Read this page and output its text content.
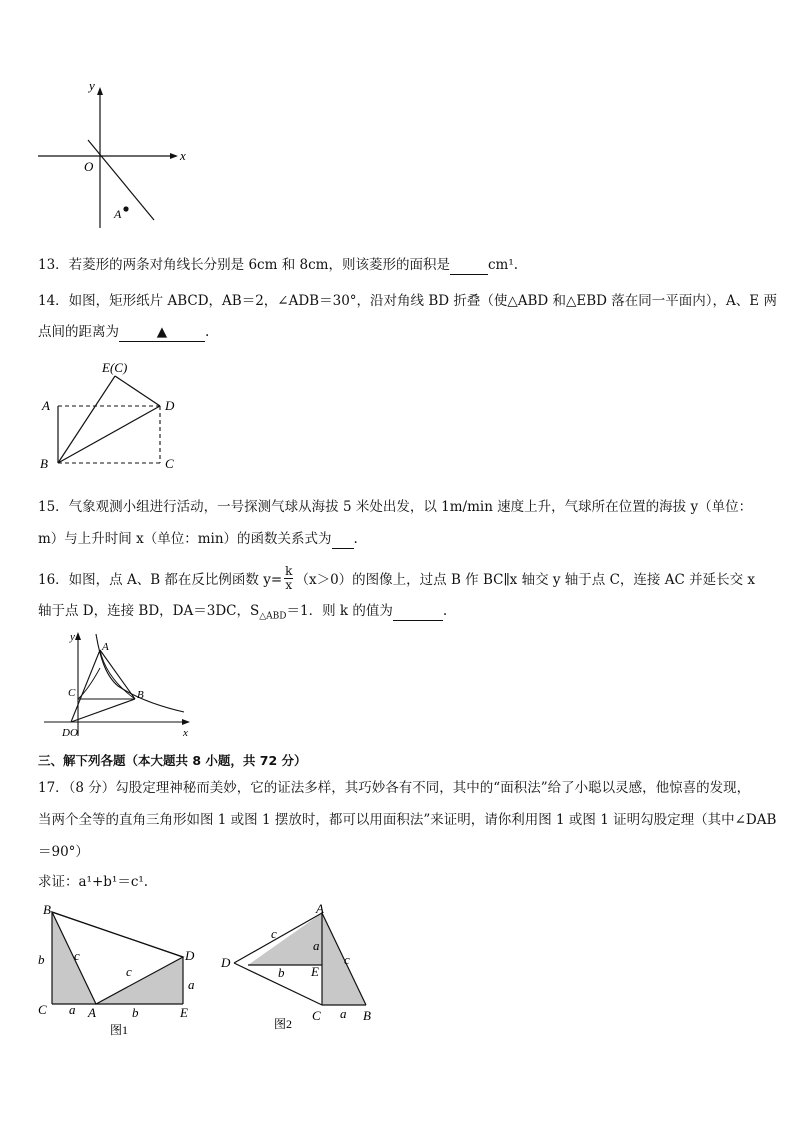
x
y
O
A
13．若菱形的两条对角线长分别是 6cm 和 8cm，则该菱形的面积是	cm¹.
14．如图，矩形纸片 ABCD，AB＝2，∠ADB＝30°，沿对角线 BD 折叠（使△ABD 和△EBD 落在同一平面内），A、E 两
点间的距离为	▲	.
E(C)
A	D
B	C
15．气象观测小组进行活动，一号探测气球从海拔 5 米处出发，以 1m/min 速度上升，气球所在位置的海拔 y（单位：
m）与上升时间 x（单位：min）的函数关系式为 .
16．如图，点 A、B 都在反比例函数 $y= \frac{k}{x} (x>0)$的图像上，过点 B 作 BC∥x 轴交 y 轴于点 C，连接 AC 并延长交 x
轴于点 D，连接 BD，DA＝3DC，$S_{\triangle ABD}=1$．则 k 的值为	.
y
x
A
B
C
DO
三、解下列各题（本大题共 8 小题，共 72 分）
17．（8 分）勾股定理神秘而美妙，它的证法多样，其巧妙各有不同，其中的“面积法”给了小聪以灵感，他惊喜的发现，
当两个全等的直角三角形如图 1 或图 1 摆放时，都可以用面积法”来证明，请你利用图 1 或图 1 证明勾股定理（其中∠DAB
＝90°）
求证：a¹+b¹＝c¹.
B
C	A
D
E
b c
c
a	b
a
图1
A
D
E
C	B
c
a
b
c
a
图2
